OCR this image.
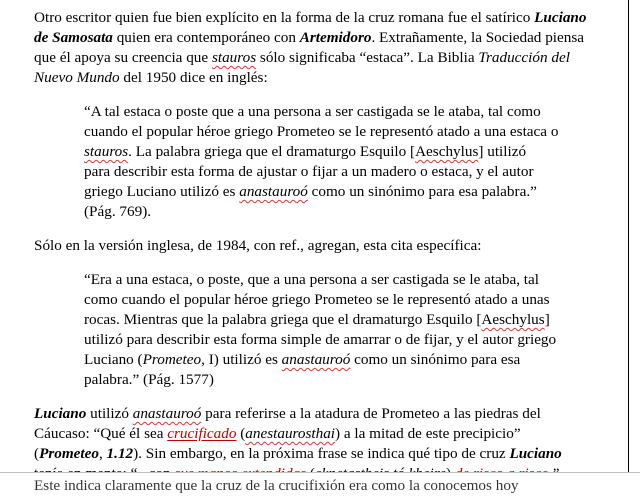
Otro escritor quien fue bien explícito en la forma de la cruz romana fue el satírico Luciano
de Samosata quien era contemporáneo con Artemidoro. Extrañamente, la Sociedad piensa
que él apoya su creencia que stauros sólo significaba “estaca”. La Biblia Traducción del
Nuevo Mundo del 1950 dice en inglés:
“A tal estaca o poste que a una persona a ser castigada se le ataba, tal como
cuando el popular héroe griego Prometeo se le representó atado a una estaca o
stauros. La palabra griega que el dramaturgo Esquilo [Aeschylus] utilizó
para describir esta forma de ajustar o fijar a un madero o estaca, y el autor
griego Luciano utilizó es anastauroó como un sinónimo para esa palabra.”
(Pág. 769).
Sólo en la versión inglesa, de 1984, con ref., agregan, esta cita específica:
“Era a una estaca, o poste, que a una persona a ser castigada se le ataba, tal
como cuando el popular héroe griego Prometeo se le representó atado a unas
rocas. Mientras que la palabra griega que el dramaturgo Esquilo [Aeschylus]
utilizó para describir esta forma simple de amarrar o de fijar, y el autor griego
Luciano (Prometeo, I) utilizó es anastauroó como un sinónimo para esa
palabra.” (Pág. 1577)
Luciano utilizó anastauroó para referirse a la atadura de Prometeo a las piedras del
Cáucaso: “Qué él sea crucificado (anestaurosthai) a la mitad de este precipicio”
(Prometeo, 1.12). Sin embargo, en la próxima frase se indica qué tipo de cruz Luciano
Este indica claramente que la cruz de la crucifixión era como la conocemos hoy
